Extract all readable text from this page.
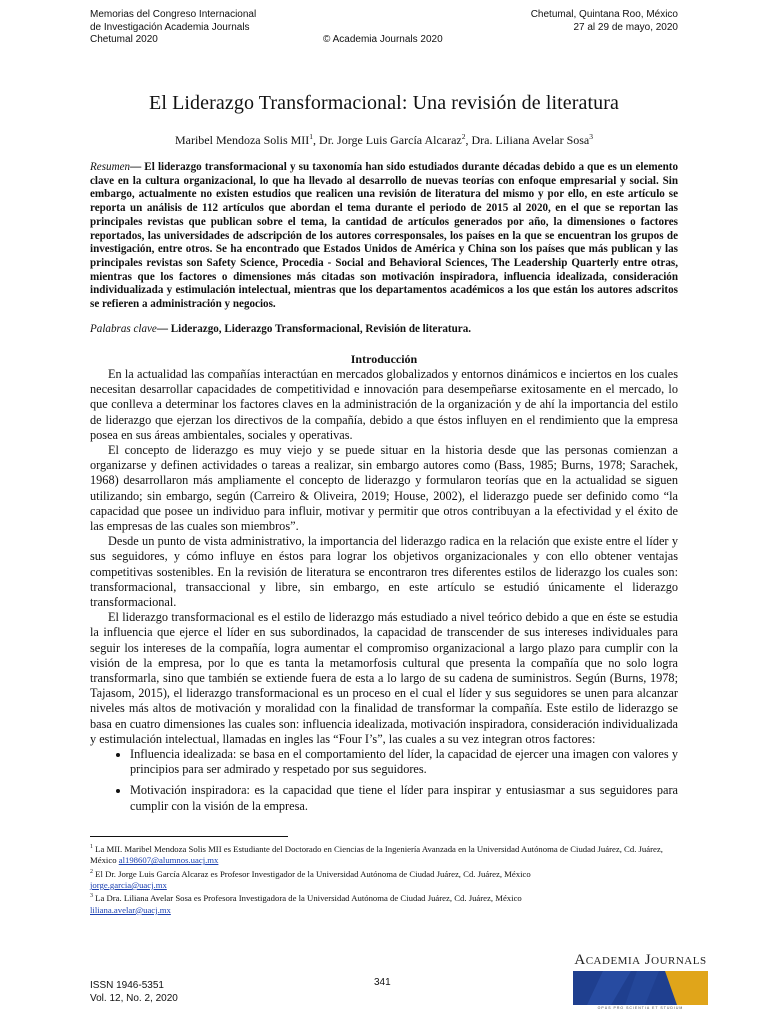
Memorias del Congreso Internacional
de Investigación Academia Journals
Chetumal 2020	© Academia Journals 2020
Chetumal, Quintana Roo, México
27 al 29 de mayo, 2020
El Liderazgo Transformacional: Una revisión de literatura
Maribel Mendoza Solis MII$^1$, Dr. Jorge Luis García Alcaraz$^2$, Dra. Liliana Avelar Sosa$^3$
Resumen— El liderazgo transformacional y su taxonomía han sido estudiados durante décadas debido a que es un elemento clave en la cultura organizacional, lo que ha llevado al desarrollo de nuevas teorías con enfoque empresarial y social. Sin embargo, actualmente no existen estudios que realicen una revisión de literatura del mismo y por ello, en este artículo se reporta un análisis de 112 artículos que abordan el tema durante el periodo de 2015 al 2020, en el que se reportan las principales revistas que publican sobre el tema, la cantidad de artículos generados por año, la dimensiones o factores reportados, las universidades de adscripción de los autores corresponsales, los países en la que se encuentran los grupos de investigación, entre otros. Se ha encontrado que Estados Unidos de América y China son los países que más publican y las principales revistas son Safety Science, Procedia - Social and Behavioral Sciences, The Leadership Quarterly entre otras, mientras que los factores o dimensiones más citadas son motivación inspiradora, influencia idealizada, consideración individualizada y estimulación intelectual, mientras que los departamentos académicos a los que están los autores adscritos se refieren a administración y negocios.
Palabras clave— Liderazgo, Liderazgo Transformacional, Revisión de literatura.
Introducción

En la actualidad las compañías interactúan en mercados globalizados y entornos dinámicos e inciertos en los cuales necesitan desarrollar capacidades de competitividad e innovación para desempeñarse exitosamente en el mercado, lo que conlleva a determinar los factores claves en la administración de la organización y de ahí la importancia del estilo de liderazgo que ejerzan los directivos de la compañía, debido a que éstos influyen en el rendimiento que la empresa posea en sus áreas ambientales, sociales y operativas.

El concepto de liderazgo es muy viejo y se puede situar en la historia desde que las personas comienzan a organizarse y definen actividades o tareas a realizar, sin embargo autores como (Bass, 1985; Burns, 1978; Sarachek, 1968) desarrollaron más ampliamente el concepto de liderazgo y formularon teorías que en la actualidad se siguen utilizando; sin embargo, según (Carreiro & Oliveira, 2019; House, 2002), el liderazgo puede ser definido como “la capacidad que posee un individuo para influir, motivar y permitir que otros contribuyan a la efectividad y el éxito de las empresas de las cuales son miembros”.

Desde un punto de vista administrativo, la importancia del liderazgo radica en la relación que existe entre el líder y sus seguidores, y cómo influye en éstos para lograr los objetivos organizacionales y con ello obtener ventajas competitivas sostenibles. En la revisión de literatura se encontraron tres diferentes estilos de liderazgo los cuales son: transformacional, transaccional y libre, sin embargo, en este artículo se estudió únicamente el liderazgo transformacional.

El liderazgo transformacional es el estilo de liderazgo más estudiado a nivel teórico debido a que en éste se estudia la influencia que ejerce el líder en sus subordinados, la capacidad de transcender de sus intereses individuales para seguir los intereses de la compañía, logra aumentar el compromiso organizacional a largo plazo para cumplir con la visión de la empresa, por lo que es tanta la metamorfosis cultural que presenta la compañía que no solo logra transformarla, sino que también se extiende fuera de esta a lo largo de su cadena de suministros. Según (Burns, 1978; Tajasom, 2015), el liderazgo transformacional es un proceso en el cual el líder y sus seguidores se unen para alcanzar niveles más altos de motivación y moralidad con la finalidad de transformar la compañía. Este estilo de liderazgo se basa en cuatro dimensiones las cuales son: influencia idealizada, motivación inspiradora, consideración individualizada y estimulación intelectual, llamadas en ingles las “Four I’s”, las cuales a su vez integran otros factores:

• Influencia idealizada: se basa en el comportamiento del líder, la capacidad de ejercer una imagen con valores y principios para ser admirado y respetado por sus seguidores.
• Motivación inspiradora: es la capacidad que tiene el líder para inspirar y entusiasmar a sus seguidores para cumplir con la visión de la empresa.
$^1$ La MII. Maribel Mendoza Solis MII es Estudiante del Doctorado en Ciencias de la Ingeniería Avanzada en la Universidad Autónoma de Ciudad Juárez, Cd. Juárez, México al198607@alumnos.uacj.mx
$^2$ El Dr. Jorge Luis García Alcaraz es Profesor Investigador de la Universidad Autónoma de Ciudad Juárez, Cd. Juárez, México
jorge.garcia@uacj.mx
$^3$ La Dra. Liliana Avelar Sosa es Profesora Investigadora de la Universidad Autónoma de Ciudad Juárez, Cd. Juárez, México
liliana.avelar@uacj.mx
ISSN 1946-5351
Vol. 12, No. 2, 2020
341
Academia Journals
OPUS PRO SCIENTIA ET STUDIUM
